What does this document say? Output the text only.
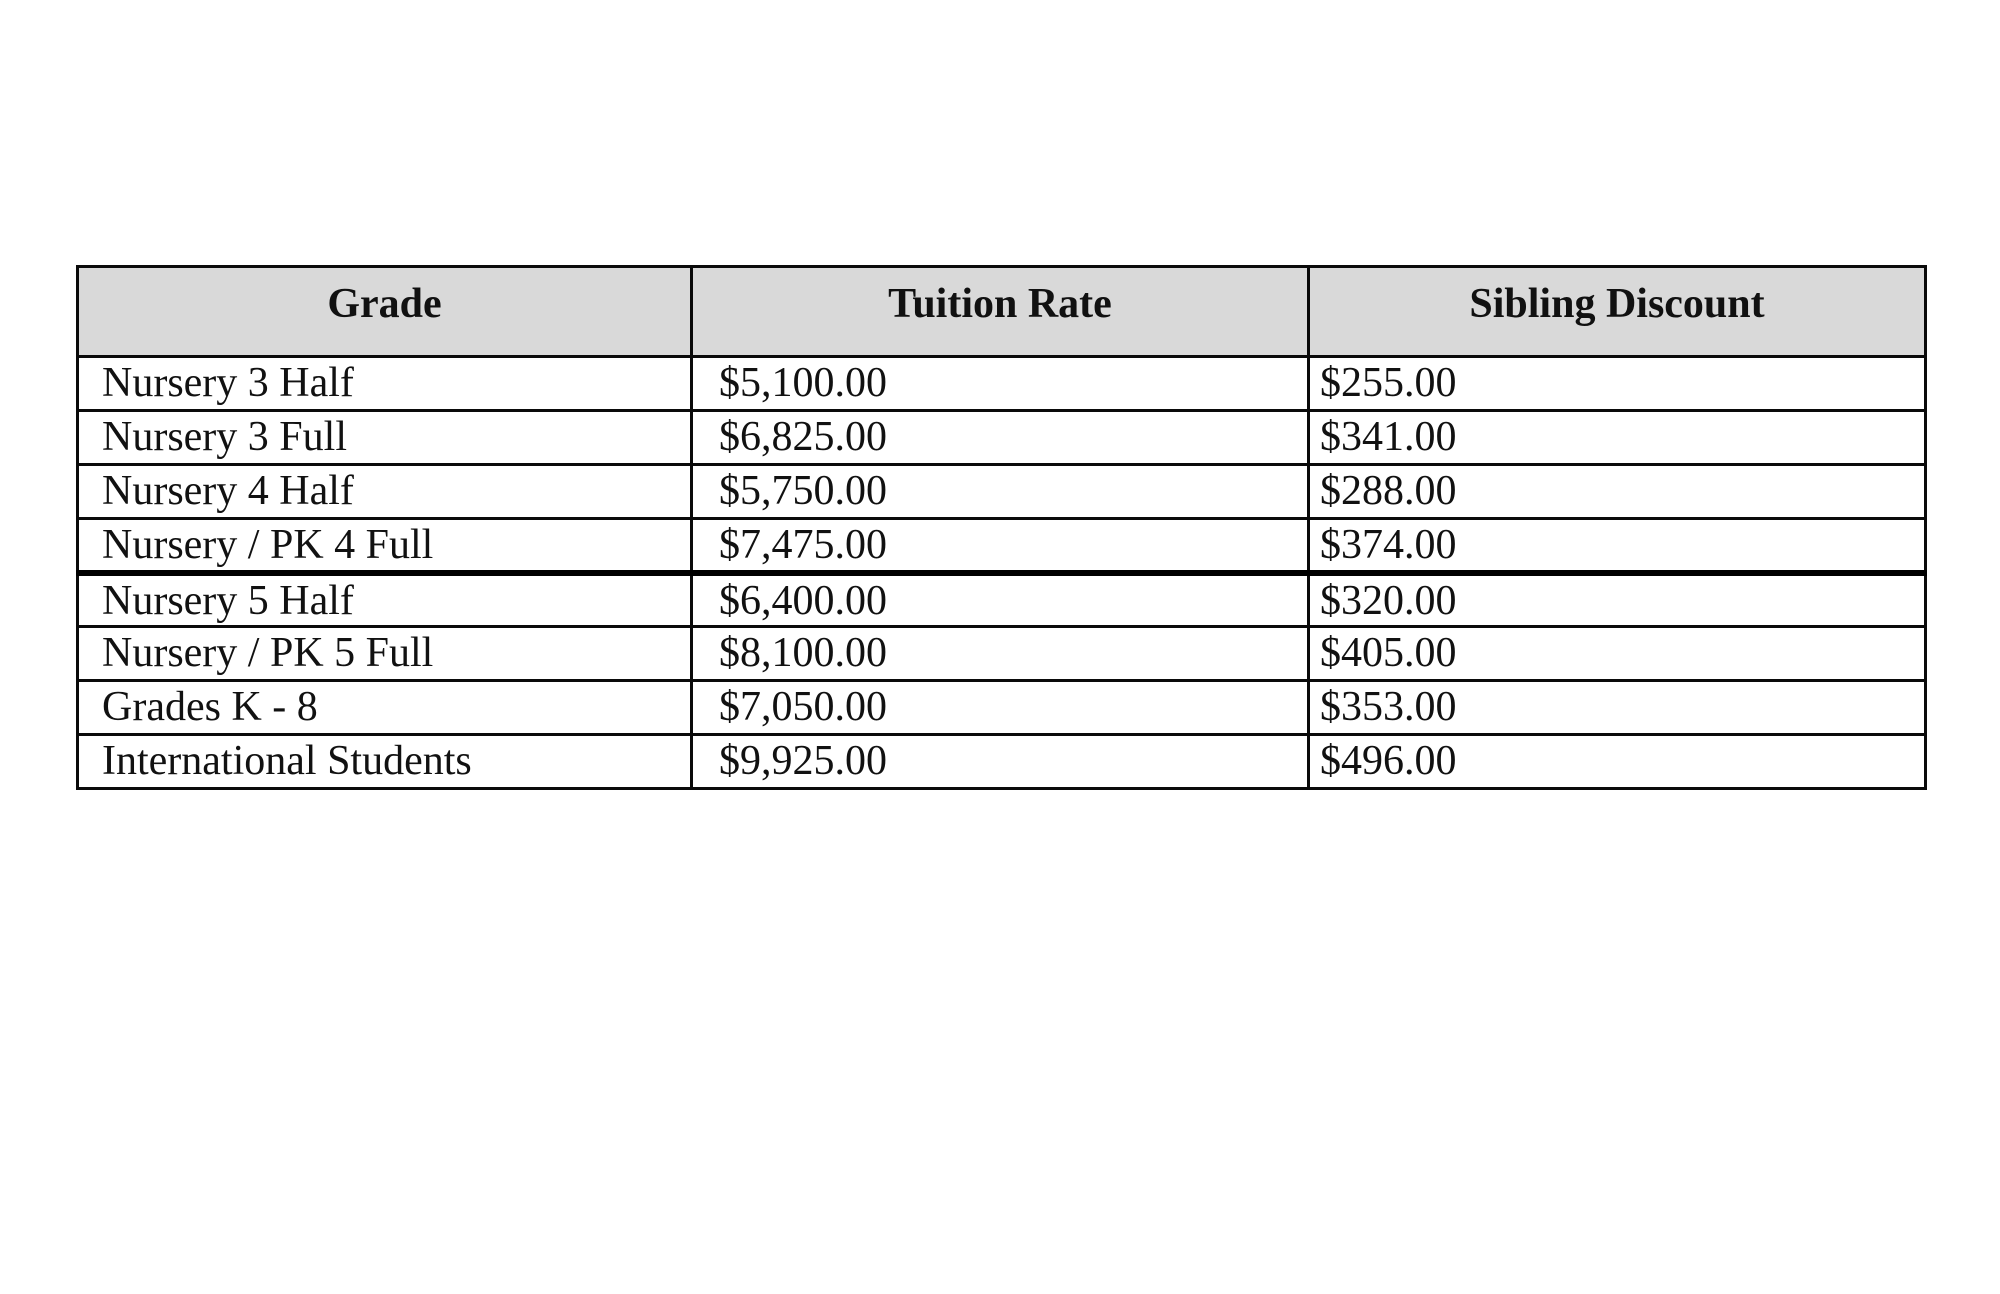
Grade	Tuition Rate	Sibling Discount
Nursery 3 Half	$5,100.00	$255.00
Nursery 3 Full	$6,825.00	$341.00
Nursery 4 Half	$5,750.00	$288.00
Nursery / PK 4 Full	$7,475.00	$374.00
Nursery 5 Half	$6,400.00	$320.00
Nursery / PK 5 Full	$8,100.00	$405.00
Grades K - 8	$7,050.00	$353.00
International Students	$9,925.00	$496.00
